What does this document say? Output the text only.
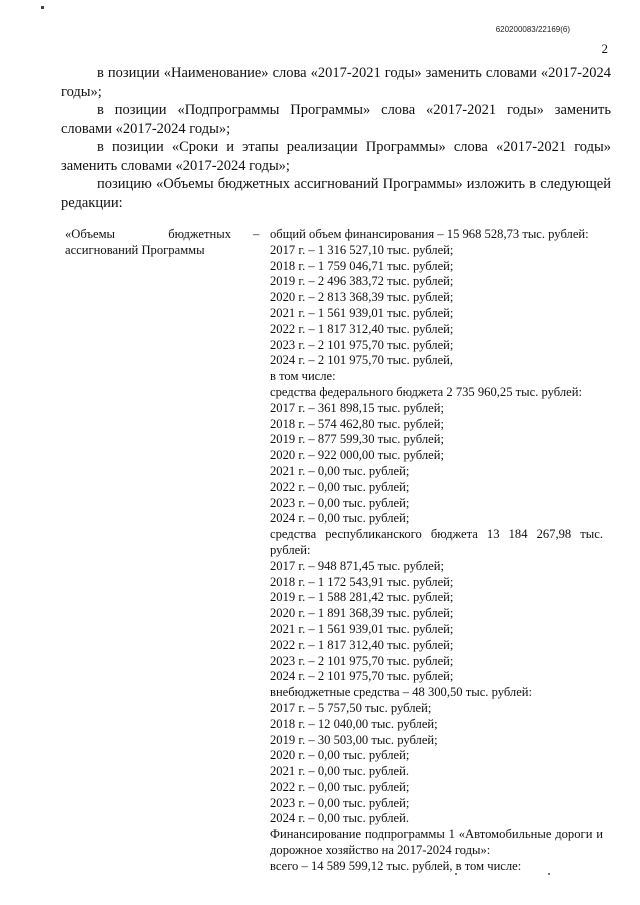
620200083/22169(6)
2

в позиции «Наименование» слова «2017-2021 годы» заменить словами «2017-2024 годы»;

в позиции «Подпрограммы Программы» слова «2017-2021 годы» заменить словами «2017-2024 годы»;

в позиции «Сроки и этапы реализации Программы» слова «2017-2021 годы» заменить словами «2017-2024 годы»;

позицию «Объемы бюджетных ассигнований Программы» изложить в следующей редакции:

«Объемы бюджетных ассигнований Программы
– общий объем финансирования – 15 968 528,73 тыс. рублей:
2017 г. – 1 316 527,10 тыс. рублей;
2018 г. – 1 759 046,71 тыс. рублей;
2019 г. – 2 496 383,72 тыс. рублей;
2020 г. – 2 813 368,39 тыс. рублей;
2021 г. – 1 561 939,01 тыс. рублей;
2022 г. – 1 817 312,40 тыс. рублей;
2023 г. – 2 101 975,70 тыс. рублей;
2024 г. – 2 101 975,70 тыс. рублей,
в том числе:
средства федерального бюджета 2 735 960,25 тыс. рублей:
2017 г. – 361 898,15 тыс. рублей;
2018 г. – 574 462,80 тыс. рублей;
2019 г. – 877 599,30 тыс. рублей;
2020 г. – 922 000,00 тыс. рублей;
2021 г. – 0,00 тыс. рублей;
2022 г. – 0,00 тыс. рублей;
2023 г. – 0,00 тыс. рублей;
2024 г. – 0,00 тыс. рублей;
средства республиканского бюджета 13 184 267,98 тыс. рублей:
2017 г. – 948 871,45 тыс. рублей;
2018 г. – 1 172 543,91 тыс. рублей;
2019 г. – 1 588 281,42 тыс. рублей;
2020 г. – 1 891 368,39 тыс. рублей;
2021 г. – 1 561 939,01 тыс. рублей;
2022 г. – 1 817 312,40 тыс. рублей;
2023 г. – 2 101 975,70 тыс. рублей;
2024 г. – 2 101 975,70 тыс. рублей;
внебюджетные средства – 48 300,50 тыс. рублей:
2017 г. – 5 757,50 тыс. рублей;
2018 г. – 12 040,00 тыс. рублей;
2019 г. – 30 503,00 тыс. рублей;
2020 г. – 0,00 тыс. рублей;
2021 г. – 0,00 тыс. рублей.
2022 г. – 0,00 тыс. рублей;
2023 г. – 0,00 тыс. рублей;
2024 г. – 0,00 тыс. рублей.
Финансирование подпрограммы 1 «Автомобильные дороги и дорожное хозяйство на 2017-2024 годы»:
всего – 14 589 599,12 тыс. рублей, в том числе:
